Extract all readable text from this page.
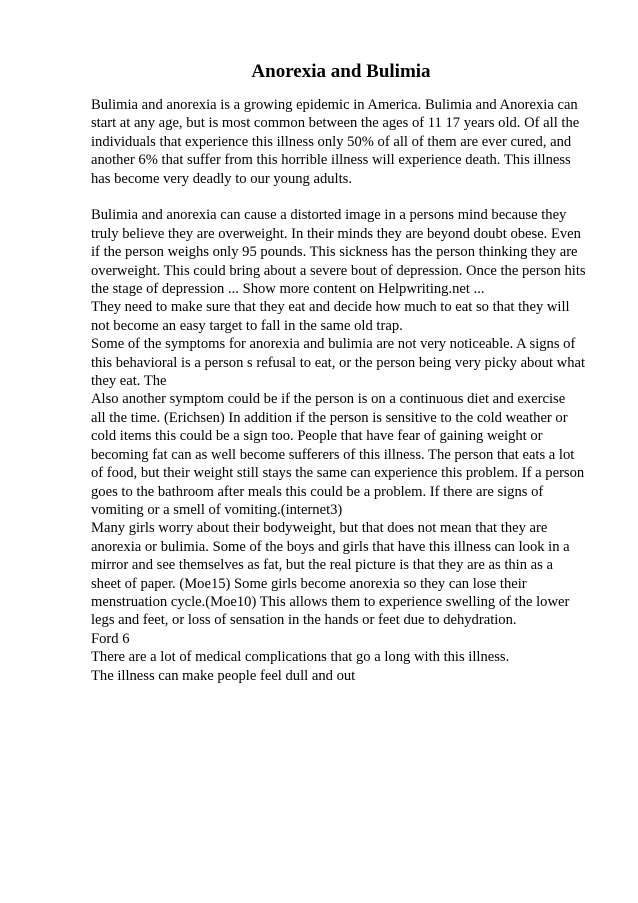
Anorexia and Bulimia

Bulimia and anorexia is a growing epidemic in America. Bulimia and Anorexia can
start at any age, but is most common between the ages of 11 17 years old. Of all the
individuals that experience this illness only 50% of all of them are ever cured, and
another 6% that suffer from this horrible illness will experience death. This illness
has become very deadly to our young adults.

Bulimia and anorexia can cause a distorted image in a persons mind because they
truly believe they are overweight. In their minds they are beyond doubt obese. Even
if the person weighs only 95 pounds. This sickness has the person thinking they are
overweight. This could bring about a severe bout of depression. Once the person hits
the stage of depression ... Show more content on Helpwriting.net ...
They need to make sure that they eat and decide how much to eat so that they will
not become an easy target to fall in the same old trap.
Some of the symptoms for anorexia and bulimia are not very noticeable. A signs of
this behavioral is a person s refusal to eat, or the person being very picky about what
they eat. The
Also another symptom could be if the person is on a continuous diet and exercise
all the time. (Erichsen) In addition if the person is sensitive to the cold weather or
cold items this could be a sign too. People that have fear of gaining weight or
becoming fat can as well become sufferers of this illness. The person that eats a lot
of food, but their weight still stays the same can experience this problem. If a person
goes to the bathroom after meals this could be a problem. If there are signs of
vomiting or a smell of vomiting.(internet3)
Many girls worry about their bodyweight, but that does not mean that they are
anorexia or bulimia. Some of the boys and girls that have this illness can look in a
mirror and see themselves as fat, but the real picture is that they are as thin as a
sheet of paper. (Moe15) Some girls become anorexia so they can lose their
menstruation cycle.(Moe10) This allows them to experience swelling of the lower
legs and feet, or loss of sensation in the hands or feet due to dehydration.
Ford 6
There are a lot of medical complications that go a long with this illness.
The illness can make people feel dull and out
